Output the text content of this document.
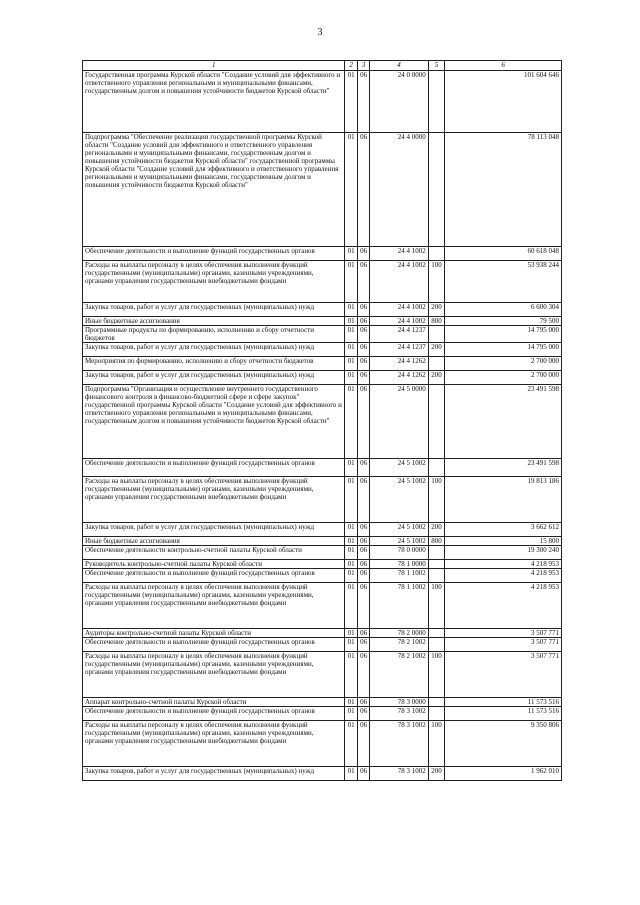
3
1	2	3	4	5	6
Государственная программа Курской области "Создание условий для эффективного и ответственного управления региональными и муниципальными финансами, государственным долгом и повышения устойчивости бюджетов Курской области"	01	06	24 0 0000		101 604 646
Подпрограмма "Обеспечение реализации государственной программы Курской области "Создание условий для эффективного и ответственного управления региональными и муниципальными финансами, государственным долгом и повышения устойчивости бюджетов Курской области" государственной программы Курской области "Создание условий для эффективного и ответственного управления региональными и муниципальными финансами, государственным долгом и повышения устойчивости бюджетов Курской области"	01	06	24 4 0000		78 113 048
Обеспечение деятельности и выполнение функций государственных органов	01	06	24 4 1002		60 618 048
Расходы на выплаты персоналу в целях обеспечения выполнения функций государственными (муниципальными) органами, казенными учреждениями, органами управления государственными внебюджетными фондами	01	06	24 4 1002	100	53 938 244
Закупка товаров, работ и услуг для государственных (муниципальных) нужд	01	06	24 4 1002	200	6 600 304
Иные бюджетные ассигнования	01	06	24 4 1002	800	79 500
Программные продукты по формированию, исполнению и сбору отчетности бюджетов	01	06	24 4 1237		14 795 000
Закупка товаров, работ и услуг для государственных (муниципальных) нужд	01	06	24 4 1237	200	14 795 000
Мероприятия по формированию, исполнению и сбору отчетности бюджетов	01	06	24 4 1262		2 700 000
Закупка товаров, работ и услуг для государственных (муниципальных) нужд	01	06	24 4 1262	200	2 700 000
Подпрограмма "Организация и осуществление внутреннего государственного финансового контроля в финансово-бюджетной сфере и сфере закупок" государственной программы Курской области "Создание условий для эффективного и ответственного управления региональными и муниципальными финансами, государственным долгом и повышения устойчивости бюджетов Курской области"	01	06	24 5 0000		23 491 598
Обеспечение деятельности и выполнение функций государственных органов	01	06	24 5 1002		23 491 598
Расходы на выплаты персоналу в целях обеспечения выполнения функций государственными (муниципальными) органами, казенными учреждениями, органами управления государственными внебюджетными фондами	01	06	24 5 1002	100	19 813 186
Закупка товаров, работ и услуг для государственных (муниципальных) нужд	01	06	24 5 1002	200	3 662 612
Иные бюджетные ассигнования	01	06	24 5 1002	800	15 800
Обеспечение деятельности контрольно-счетной палаты Курской области	01	06	78 0 0000		19 300 240
Руководитель контрольно-счетной палаты Курской области	01	06	78 1 0000		4 218 953
Обеспечение деятельности и выполнение функций государственных органов	01	06	78 1 1002		4 218 953
Расходы на выплаты персоналу в целях обеспечения выполнения функций государственными (муниципальными) органами, казенными учреждениями, органами управления государственными внебюджетными фондами	01	06	78 1 1002	100	4 218 953
Аудиторы контрольно-счетной палаты Курской области	01	06	78 2 0000		3 507 771
Обеспечение деятельности и выполнение функций государственных органов	01	06	78 2 1002		3 507 771
Расходы на выплаты персоналу в целях обеспечения выполнения функций государственными (муниципальными) органами, казенными учреждениями, органами управления государственными внебюджетными фондами	01	06	78 2 1002	100	3 507 771
Аппарат контрольно-счетной палаты Курской области	01	06	78 3 0000		11 573 516
Обеспечение деятельности и выполнение функций государственных органов	01	06	78 3 1002		11 573 516
Расходы на выплаты персоналу в целях обеспечения выполнения функций государственными (муниципальными) органами, казенными учреждениями, органами управления государственными внебюджетными фондами	01	06	78 3 1002	100	9 350 806
Закупка товаров, работ и услуг для государственных (муниципальных) нужд	01	06	78 3 1002	200	1 962 010
